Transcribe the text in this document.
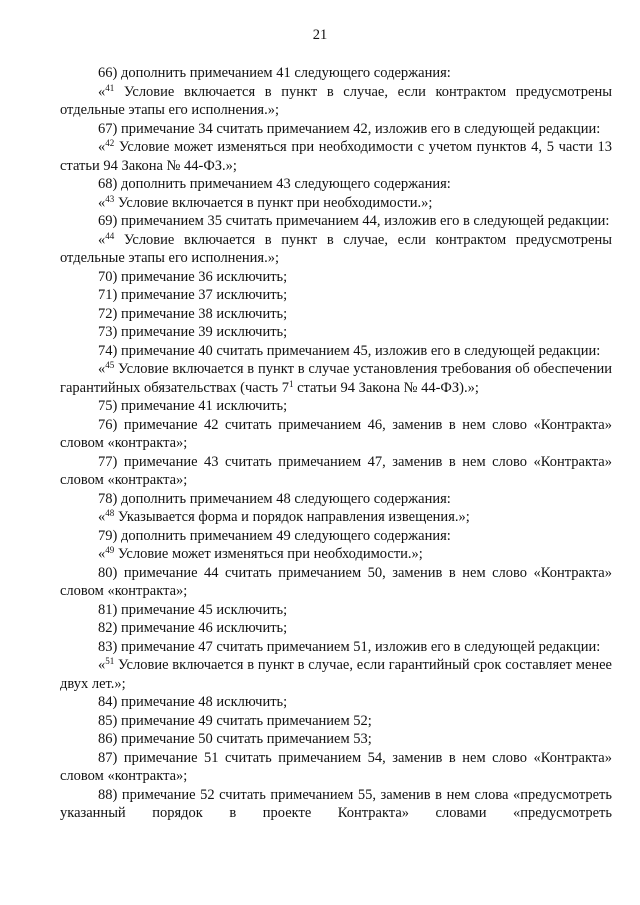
21

66) дополнить примечанием 41 следующего содержания:

«$^{41}$ Условие включается в пункт в случае, если контрактом предусмотрены отдельные этапы его исполнения.»;

67) примечание 34 считать примечанием 42, изложив его в следующей редакции:

«$^{42}$ Условие может изменяться при необходимости с учетом пунктов 4, 5 части 13 статьи 94 Закона № 44-ФЗ.»;

68) дополнить примечанием 43 следующего содержания:

«$^{43}$ Условие включается в пункт при необходимости.»;

69) примечанием 35 считать примечанием 44, изложив его в следующей редакции:

«$^{44}$ Условие включается в пункт в случае, если контрактом предусмотрены отдельные этапы его исполнения.»;

70) примечание 36 исключить;

71) примечание 37 исключить;

72) примечание 38 исключить;

73) примечание 39 исключить;

74) примечание 40 считать примечанием 45, изложив его в следующей редакции:

«$^{45}$ Условие включается в пункт в случае установления требования об обеспечении гарантийных обязательствах (часть $7^1$ статьи 94 Закона № 44-ФЗ).»;

75) примечание 41 исключить;

76) примечание 42 считать примечанием 46, заменив в нем слово «Контракта» словом «контракта»;

77) примечание 43 считать примечанием 47, заменив в нем слово «Контракта» словом «контракта»;

78) дополнить примечанием 48 следующего содержания:

«$^{48}$ Указывается форма и порядок направления извещения.»;

79) дополнить примечанием 49 следующего содержания:

«$^{49}$ Условие может изменяться при необходимости.»;

80) примечание 44 считать примечанием 50, заменив в нем слово «Контракта» словом «контракта»;

81) примечание 45 исключить;

82) примечание 46 исключить;

83) примечание 47 считать примечанием 51, изложив его в следующей редакции:

«$^{51}$ Условие включается в пункт в случае, если гарантийный срок составляет менее двух лет.»;

84) примечание 48 исключить;

85) примечание 49 считать примечанием 52;

86) примечание 50 считать примечанием 53;

87) примечание 51 считать примечанием 54, заменив в нем слово «Контракта» словом «контракта»;

88) примечание 52 считать примечанием 55, заменив в нем слова «предусмотреть указанный порядок в проекте Контракта» словами «предусмотреть
